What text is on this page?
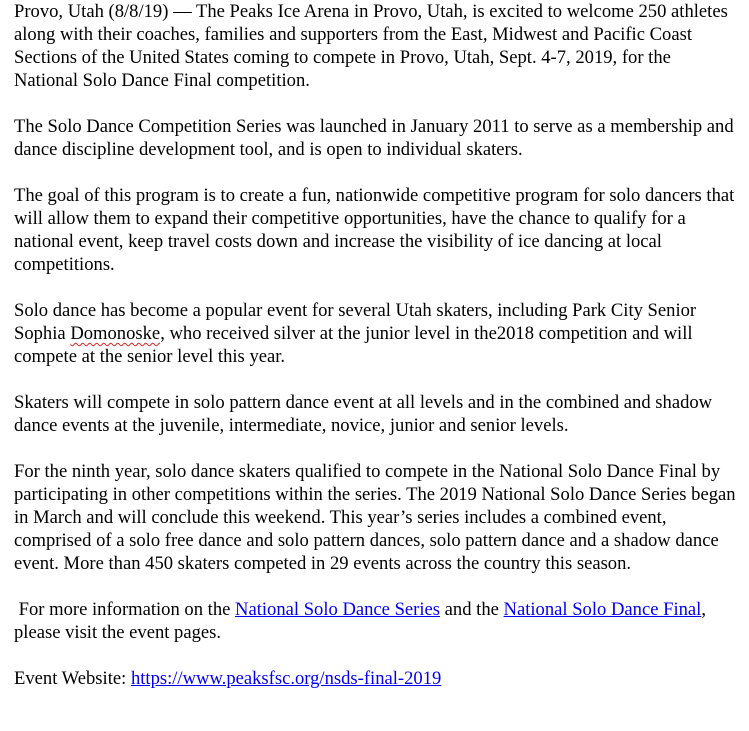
Provo, Utah (8/8/19) — The Peaks Ice Arena in Provo, Utah, is excited to welcome 250 athletes along with their coaches, families and supporters from the East, Midwest and Pacific Coast Sections of the United States coming to compete in Provo, Utah, Sept. 4-7, 2019, for the National Solo Dance Final competition.

The Solo Dance Competition Series was launched in January 2011 to serve as a membership and dance discipline development tool, and is open to individual skaters.

The goal of this program is to create a fun, nationwide competitive program for solo dancers that will allow them to expand their competitive opportunities, have the chance to qualify for a national event, keep travel costs down and increase the visibility of ice dancing at local competitions.

Solo dance has become a popular event for several Utah skaters, including Park City Senior Sophia Domonoske, who received silver at the junior level in the2018 competition and will compete at the senior level this year.

Skaters will compete in solo pattern dance event at all levels and in the combined and shadow dance events at the juvenile, intermediate, novice, junior and senior levels.

For the ninth year, solo dance skaters qualified to compete in the National Solo Dance Final by participating in other competitions within the series. The 2019 National Solo Dance Series began in March and will conclude this weekend. This year’s series includes a combined event, comprised of a solo free dance and solo pattern dances, solo pattern dance and a shadow dance event. More than 450 skaters competed in 29 events across the country this season.

For more information on the National Solo Dance Series and the National Solo Dance Final, please visit the event pages.

Event Website: https://www.peaksfsc.org/nsds-final-2019
